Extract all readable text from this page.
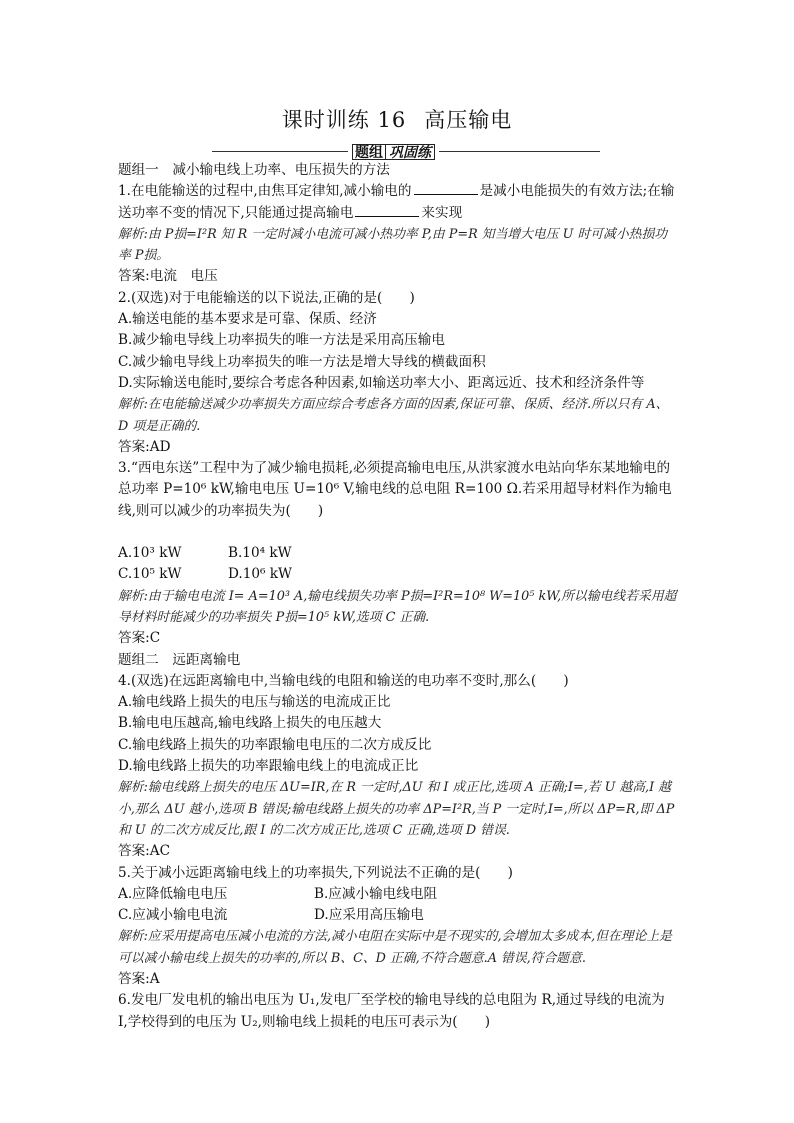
课时训练 16 高压输电
题组 巩固练
题组一　减小输电线上功率、电压损失的方法
1.在电能输送的过程中,由焦耳定律知,减小输电的	是减小电能损失的有效方法;在输
送功率不变的情况下,只能通过提高输电	来实现
解析:由 P损=I²R 知 R 一定时减小电流可减小热功率 P,由 P=R 知当增大电压 U 时可减小热损功率 P损。
答案:电流　电压
2.(双选)对于电能输送的以下说法,正确的是(　　)
A.输送电能的基本要求是可靠、保质、经济
B.减少输电导线上功率损失的唯一方法是采用高压输电
C.减少输电导线上功率损失的唯一方法是增大导线的横截面积
D.实际输送电能时,要综合考虑各种因素,如输送功率大小、距离远近、技术和经济条件等
解析:在电能输送减少功率损失方面应综合考虑各方面的因素,保证可靠、保质、经济.所以只有 A、D 项是正确的.
答案:AD
3.“西电东送”工程中为了减少输电损耗,必须提高输电电压,从洪家渡水电站向华东某地输电的总功率 P=10⁶ kW,输电电压 U=10⁶ V,输电线的总电阻 R=100 Ω.若采用超导材料作为输电线,则可以减少的功率损失为(　　)
A.10³ kW	B.10⁴ kW
C.10⁵ kW	D.10⁶ kW
解析:由于输电电流 I= A=10³ A,输电线损失功率 P损=I²R=10⁸ W=10⁵ kW,所以输电线若采用超导材料时能减少的功率损失 P损=10⁵ kW,选项 C 正确.
答案:C
题组二　远距离输电
4.(双选)在远距离输电中,当输电线的电阻和输送的电功率不变时,那么(　　)
A.输电线路上损失的电压与输送的电流成正比
B.输电电压越高,输电线路上损失的电压越大
C.输电线路上损失的功率跟输电电压的二次方成反比
D.输电线路上损失的功率跟输电线上的电流成正比
解析:输电线路上损失的电压 ΔU=IR,在 R 一定时,ΔU 和 I 成正比,选项 A 正确;I=,若 U 越高,I 越小,那么 ΔU 越小,选项 B 错误;输电线路上损失的功率 ΔP=I²R,当 P 一定时,I=,所以 ΔP=R,即 ΔP 和 U 的二次方成反比,跟 I 的二次方成正比,选项 C 正确,选项 D 错误.
答案:AC
5.关于减小远距离输电线上的功率损失,下列说法不正确的是(　　)
A.应降低输电电压	B.应减小输电线电阻
C.应减小输电电流	D.应采用高压输电
解析:应采用提高电压减小电流的方法,减小电阻在实际中是不现实的,会增加太多成本,但在理论上是可以减小输电线上损失的功率的,所以 B、C、D 正确,不符合题意.A 错误,符合题意.
答案:A
6.发电厂发电机的输出电压为 U₁,发电厂至学校的输电导线的总电阻为 R,通过导线的电流为 I,学校得到的电压为 U₂,则输电线上损耗的电压可表示为(　　)
